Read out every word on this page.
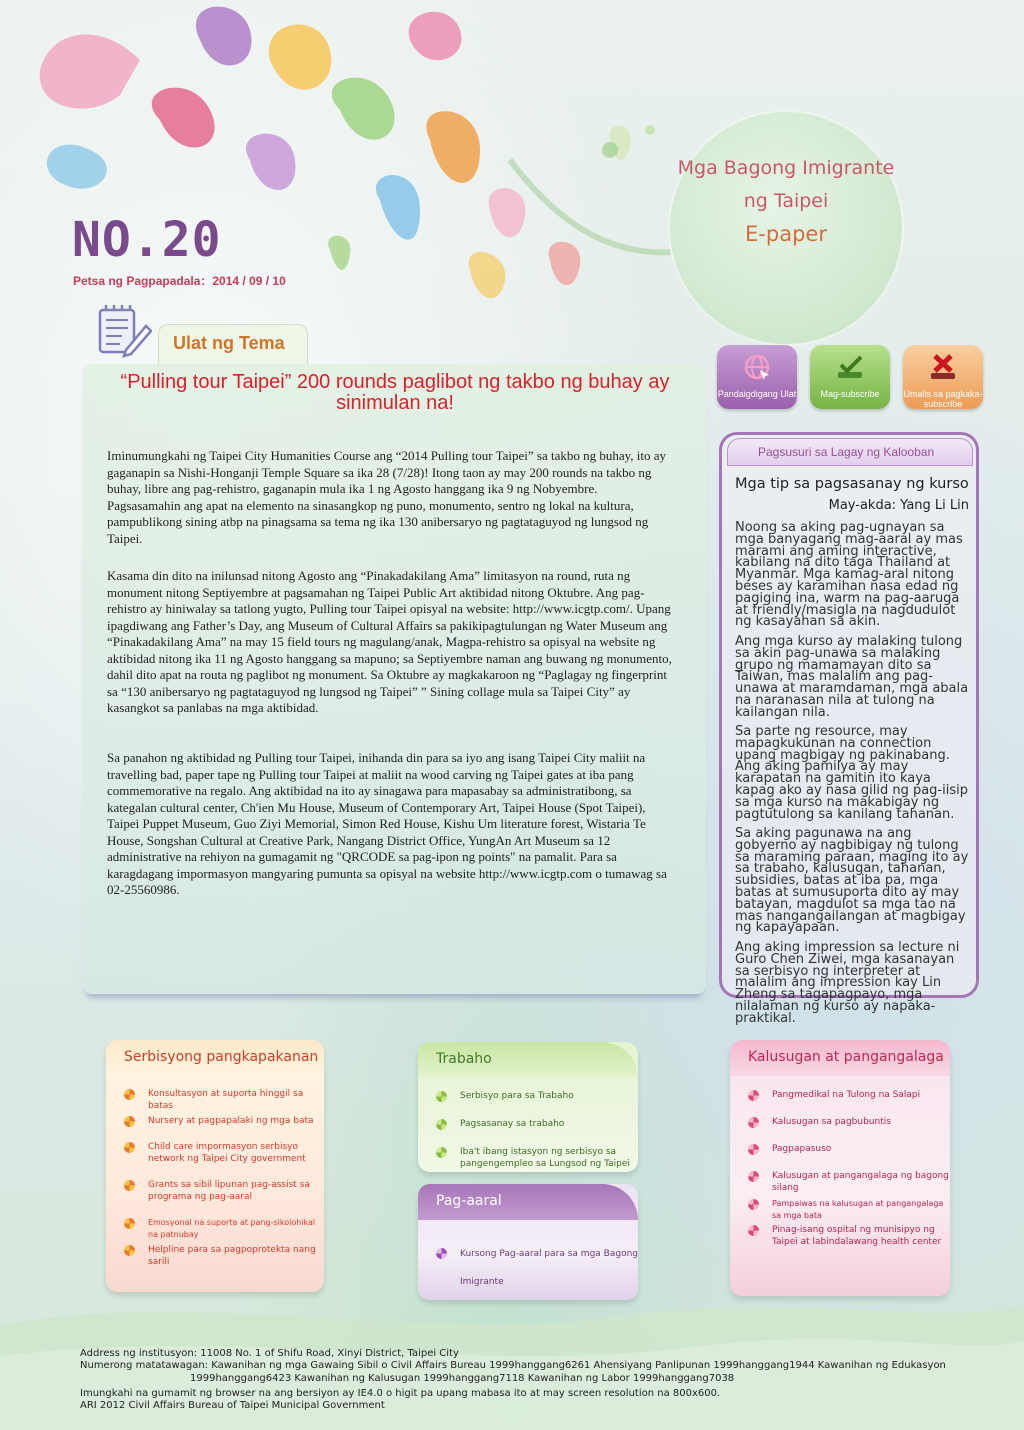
Mga Bagong Imigrante
ng Taipei
E-paper
NO.20
Petsa ng Pagpapadala：2014 / 09 / 10
Ulat ng Tema
“Pulling tour Taipei” 200 rounds paglibot ng takbo ng buhay ay sinimulan na!
Iminumungkahi ng Taipei City Humanities Course ang “2014 Pulling tour Taipei” sa takbo ng buhay, ito ay gaganapin sa Nishi-Honganji Temple Square sa ika 28 (7/28)! Itong taon ay may 200 rounds na takbo ng buhay, libre ang pag-rehistro, gaganapin mula ika 1 ng Agosto hanggang ika 9 ng Nobyembre. Pagsasamahin ang apat na elemento na sinasangkop ng puno, monumento, sentro ng lokal na kultura, pampublikong sining atbp na pinagsama sa tema ng ika 130 anibersaryo ng pagtataguyod ng lungsod ng Taipei.
Kasama din dito na inilunsad nitong Agosto ang “Pinakadakilang Ama” limitasyon na round, ruta ng monument nitong Septiyembre at pagsamahan ng Taipei Public Art aktibidad nitong Oktubre. Ang pag-rehistro ay hiniwalay sa tatlong yugto, Pulling tour Taipei opisyal na website: http://www.icgtp.com/. Upang ipagdiwang ang Father’s Day, ang Museum of Cultural Affairs sa pakikipagtulungan ng Water Museum ang “Pinakadakilang Ama” na may 15 field tours ng magulang/anak, Magpa-rehistro sa opisyal na website ng aktibidad nitong ika 11 ng Agosto hanggang sa mapuno; sa Septiyembre naman ang buwang ng monumento, dahil dito apat na routa ng paglibot ng monument. Sa Oktubre ay magkakaroon ng “Paglagay ng fingerprint sa “130 anibersaryo ng pagtataguyod ng lungsod ng Taipei” ” Sining collage mula sa Taipei City” ay kasangkot sa panlabas na mga aktibidad.
Sa panahon ng aktibidad ng Pulling tour Taipei, inihanda din para sa iyo ang isang Taipei City maliit na travelling bad, paper tape ng Pulling tour Taipei at maliit na wood carving ng Taipei gates at iba pang commemorative na regalo. Ang aktibidad na ito ay sinagawa para mapasabay sa administratibong, sa kategalan cultural center, Ch'ien Mu House, Museum of Contemporary Art, Taipei House (Spot Taipei), Taipei Puppet Museum, Guo Ziyi Memorial, Simon Red House, Kishu Um literature forest, Wistaria Te House, Songshan Cultural at Creative Park, Nangang District Office, YungAn Art Museum sa 12 administrative na rehiyon na gumagamit ng "QRCODE sa pag-ipon ng points" na pamalit. Para sa karagdagang impormasyon mangyaring pumunta sa opisyal na website http://www.icgtp.com o tumawag sa 02-25560986.
Pandaigdigang Ulat	Mag-subscribe	Umalis sa pagkaka-subscribe
Pagsusuri sa Lagay ng Kalooban
Mga tip sa pagsasanay ng kurso
May-akda: Yang Li Lin
Noong sa aking pag-ugnayan sa mga banyagang mag-aaral ay mas marami ang aming interactive, kabilang na dito taga Thailand at Myanmar. Mga kamag-aral nitong beses ay karamihan nasa edad ng pagiging ina, warm na pag-aaruga at friendly/masigla na nagdudulot ng kasayahan sa akin.
Ang mga kurso ay malaking tulong sa akin pag-unawa sa malaking grupo ng mamamayan dito sa Taiwan, mas malalim ang pag-unawa at maramdaman, mga abala na naranasan nila at tulong na kailangan nila.
Sa parte ng resource, may mapagkukunan na connection upang magbigay ng pakinabang. Ang aking pamilya ay may karapatan na gamitin ito kaya kapag ako ay nasa gilid ng pag-iisip sa mga kurso na makabigay ng pagtutulong sa kanilang tahanan.
Sa aking pagunawa na ang gobyerno ay nagbibigay ng tulong sa maraming paraan, maging ito ay sa trabaho, kalusugan, tahanan, subsidies, batas at iba pa, mga batas at sumusuporta dito ay may batayan, magdulot sa mga tao na mas nangangailangan at magbigay ng kapayapaan.
Ang aking impression sa lecture ni Guro Chen Ziwei, mga kasanayan sa serbisyo ng interpreter at malalim ang impression kay Lin Zheng sa tagapagpayo, mga nilalaman ng kurso ay napaka-praktikal.
Serbisyong pangkapakanan
Konsultasyon at suporta hinggil sa batas
Nursery at pagpapalaki ng mga bata
Child care impormasyon serbisyo network ng Taipei City government
Grants sa sibil lipunan pag-assist sa programa ng pag-aaral
Emosyonal na suporta at pang-sikolohikal na patnubay
Helpline para sa pagpoprotekta nang sarili
Trabaho
Serbisyo para sa Trabaho
Pagsasanay sa trabaho
Iba't ibang istasyon ng serbisyo sa pangengempleo sa Lungsod ng Taipei
Pag-aaral
Kursong Pag-aaral para sa mga Bagong Imigrante
Kalusugan at pangangalaga
Pangmedikal na Tulong na Salapi
Kalusugan sa pagbubuntis
Pagpapasuso
Kalusugan at pangangalaga ng bagong silang
Pampaiwas na kalusugan at pangangalaga sa mga bata
Pinag-isang ospital ng munisipyo ng Taipei at labindalawang health center
Address ng institusyon: 11008 No. 1 of Shifu Road, Xinyi District, Taipei City
Numerong matatawagan: Kawanihan ng mga Gawaing Sibil o Civil Affairs Bureau 1999hanggang6261 Ahensiyang Panlipunan 1999hanggang1944 Kawanihan ng Edukasyon
1999hanggang6423 Kawanihan ng Kalusugan 1999hanggang7118 Kawanihan ng Labor 1999hanggang7038
Imungkahi na gumamit ng browser na ang bersiyon ay IE4.0 o higit pa upang mabasa ito at may screen resolution na 800x600.
ARI 2012 Civil Affairs Bureau of Taipei Municipal Government
